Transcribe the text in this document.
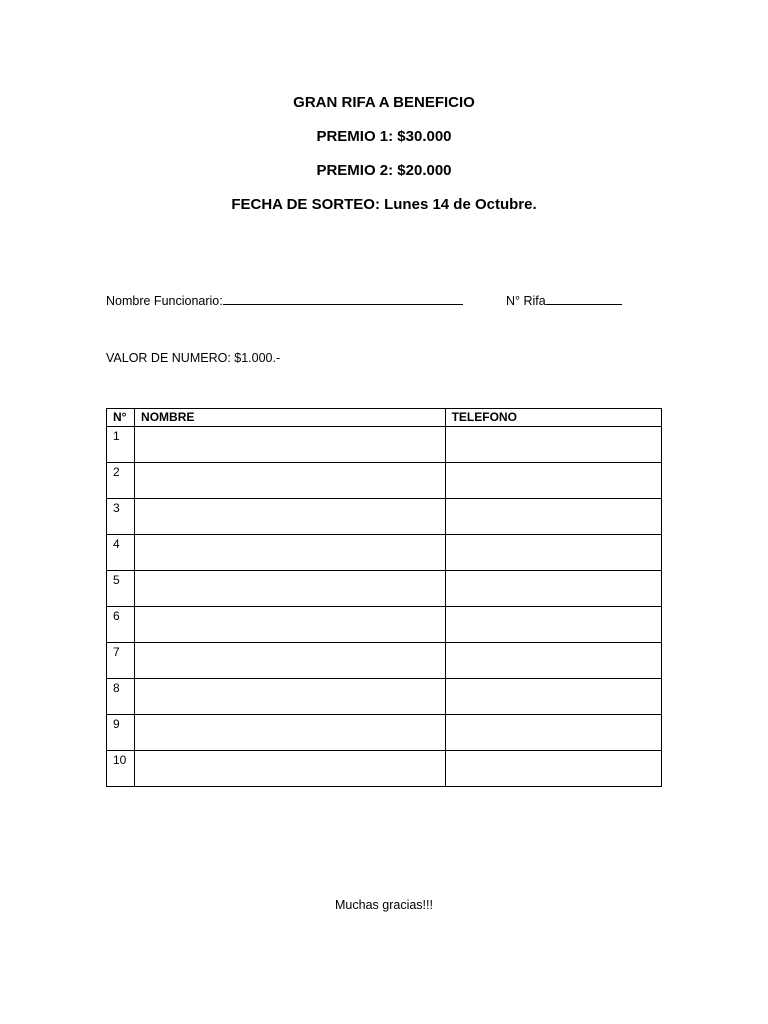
GRAN RIFA A BENEFICIO
PREMIO 1: $30.000
PREMIO 2: $20.000
FECHA DE SORTEO: Lunes 14 de Octubre.
Nombre Funcionario:	N° Rifa
VALOR DE NUMERO: $1.000.-
N°	NOMBRE	TELEFONO
1		
2		
3		
4		
5		
6		
7		
8		
9		
10		
Muchas gracias!!!
